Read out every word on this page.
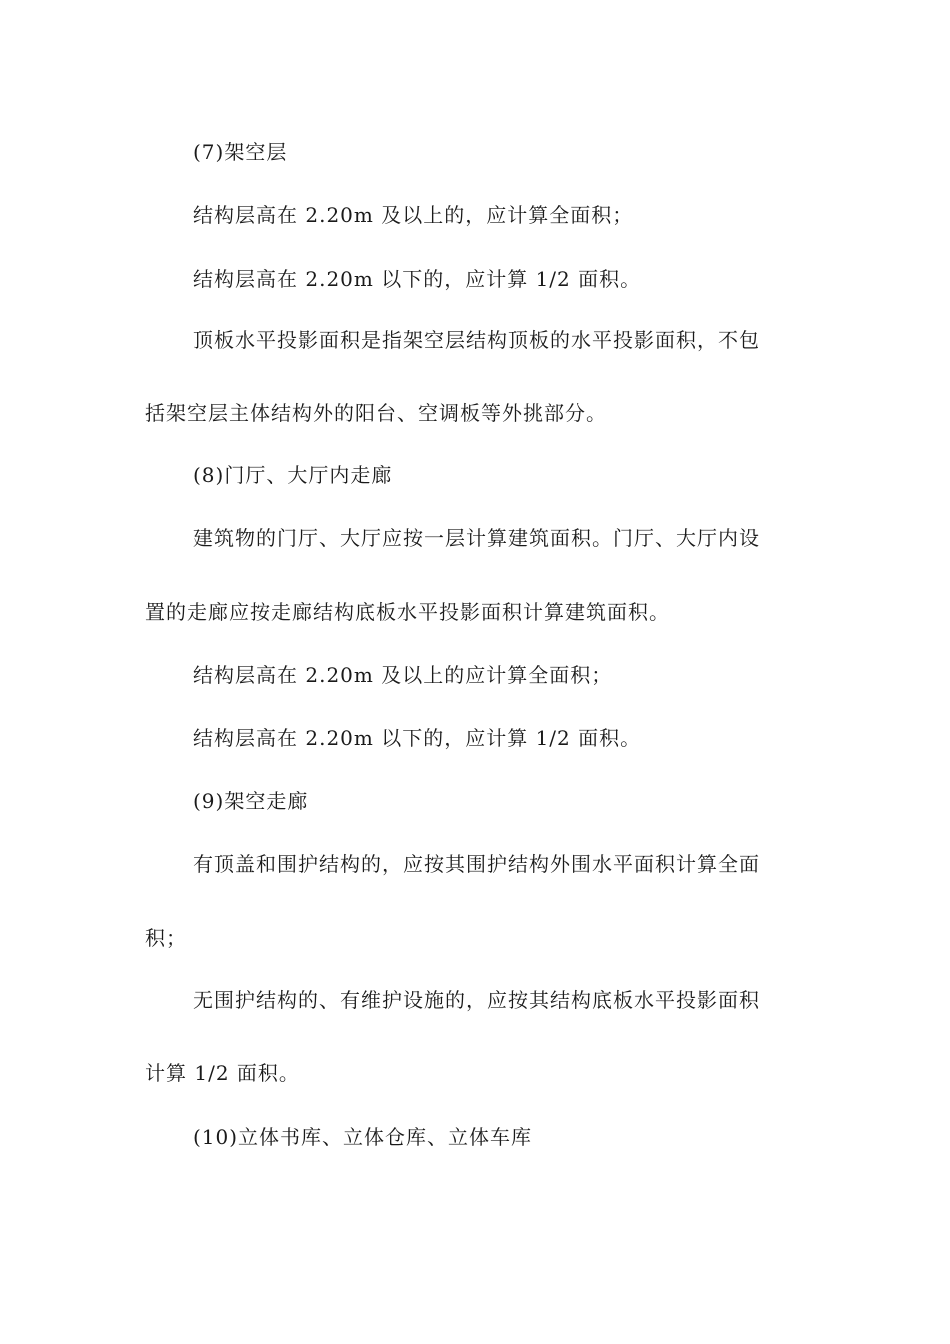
(7)架空层

结构层高在 2.20m 及以上的，应计算全面积；

结构层高在 2.20m 以下的，应计算 1/2 面积。

顶板水平投影面积是指架空层结构顶板的水平投影面积，不包

括架空层主体结构外的阳台、空调板等外挑部分。

(8)门厅、大厅内走廊

建筑物的门厅、大厅应按一层计算建筑面积。门厅、大厅内设

置的走廊应按走廊结构底板水平投影面积计算建筑面积。

结构层高在 2.20m 及以上的应计算全面积；

结构层高在 2.20m 以下的，应计算 1/2 面积。

(9)架空走廊

有顶盖和围护结构的，应按其围护结构外围水平面积计算全面

积；

无围护结构的、有维护设施的，应按其结构底板水平投影面积

计算 1/2 面积。

(10)立体书库、立体仓库、立体车库
